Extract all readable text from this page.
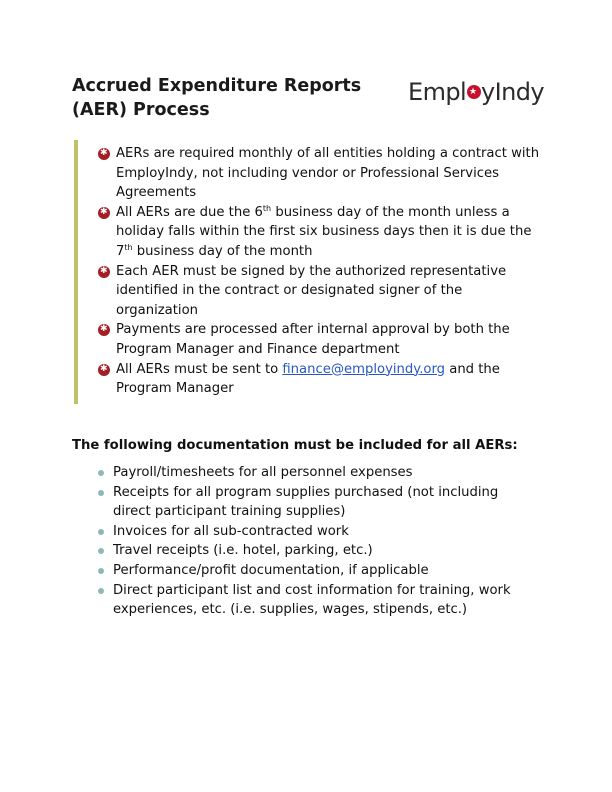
Accrued Expenditure Reports (AER) Process
Empl★ yIndy
✱
AERs are required monthly of all entities holding a contract with EmployIndy, not including vendor or Professional Services Agreements
✱
All AERs are due the 6th business day of the month unless a holiday falls within the first six business days then it is due the 7th business day of the month
✱
Each AER must be signed by the authorized representative identified in the contract or designated signer of the organization
✱
Payments are processed after internal approval by both the Program Manager and Finance department
✱
All AERs must be sent to finance@employindy.org and the Program Manager
The following documentation must be included for all AERs:
Payroll/timesheets for all personnel expenses
Receipts for all program supplies purchased (not including direct participant training supplies)
Invoices for all sub-contracted work
Travel receipts (i.e. hotel, parking, etc.)
Performance/profit documentation, if applicable
Direct participant list and cost information for training, work experiences, etc. (i.e. supplies, wages, stipends, etc.)
